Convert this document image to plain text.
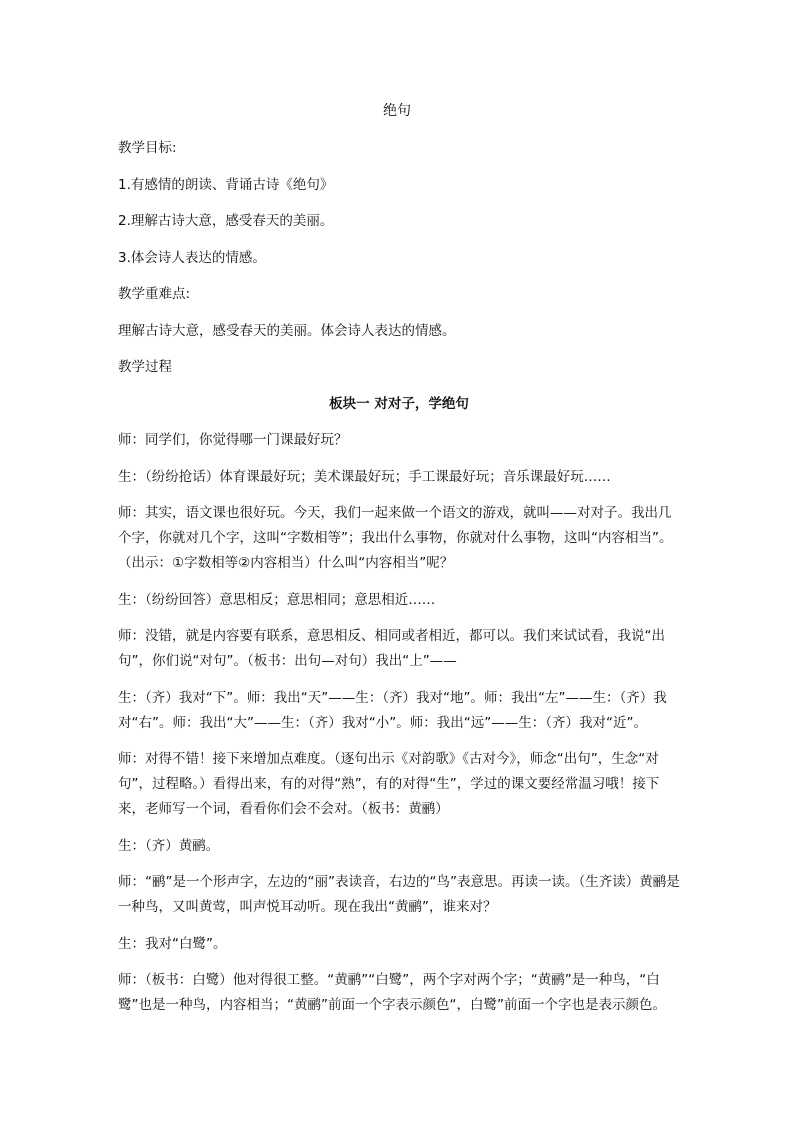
绝句

教学目标:

1.有感情的朗读、背诵古诗《绝句》

2.理解古诗大意，感受春天的美丽。

3.体会诗人表达的情感。

教学重难点:

理解古诗大意，感受春天的美丽。体会诗人表达的情感。

教学过程

板块一 对对子，学绝句

师：同学们，你觉得哪一门课最好玩？

生：（纷纷抢话）体育课最好玩；美术课最好玩；手工课最好玩；音乐课最好玩……

师：其实，语文课也很好玩。今天，我们一起来做一个语文的游戏，就叫——对对子。我出几个字，你就对几个字，这叫“字数相等”；我出什么事物，你就对什么事物，这叫“内容相当”。（出示：①字数相等②内容相当）什么叫“内容相当”呢？

生：（纷纷回答）意思相反；意思相同；意思相近……

师：没错，就是内容要有联系，意思相反、相同或者相近，都可以。我们来试试看，我说“出句”，你们说“对句”。（板书：出句—对句）我出“上”——

生：（齐）我对“下”。师：我出“天”——生：（齐）我对“地”。师：我出“左”——生：（齐）我对“右”。师：我出“大”——生：（齐）我对“小”。师：我出“远”——生：（齐）我对“近”。

师：对得不错！接下来增加点难度。（逐句出示《对韵歌》《古对今》，师念“出句”，生念“对句”，过程略。）看得出来，有的对得“熟”，有的对得“生”，学过的课文要经常温习哦！接下来，老师写一个词，看看你们会不会对。（板书：黄鹂）

生：（齐）黄鹂。

师：“鹂”是一个形声字，左边的“丽”表读音，右边的“鸟”表意思。再读一读。（生齐读）黄鹂是一种鸟，又叫黄莺，叫声悦耳动听。现在我出“黄鹂”，谁来对？

生：我对“白鹭”。

师：（板书：白鹭）他对得很工整。“黄鹂”“白鹭”，两个字对两个字；“黄鹂”是一种鸟，“白鹭”也是一种鸟，内容相当；“黄鹂”前面一个字表示颜色“，白鹭”前面一个字也是表示颜色。
